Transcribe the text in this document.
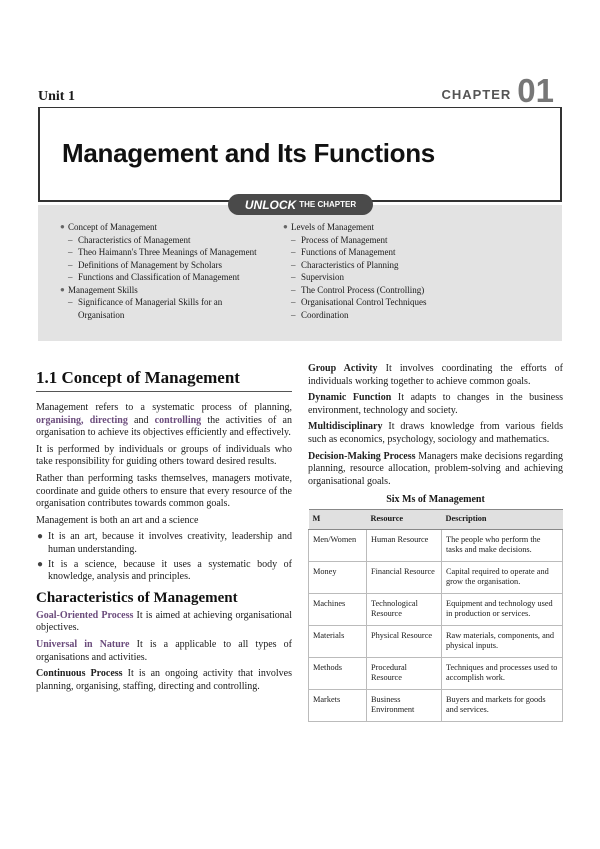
Unit 1	CHAPTER 01
Management and Its Functions
UNLOCK THE CHAPTER
● Concept of Management
– Characteristics of Management
– Theo Haimann's Three Meanings of Management
– Definitions of Management by Scholars
– Functions and Classification of Management
● Management Skills
– Significance of Managerial Skills for an Organisation
● Levels of Management
– Process of Management
– Functions of Management
– Characteristics of Planning
– Supervision
– The Control Process (Controlling)
– Organisational Control Techniques
– Coordination
1.1 Concept of Management

Management refers to a systematic process of planning, organising, directing and controlling the activities of an organisation to achieve its objectives efficiently and effectively.

It is performed by individuals or groups of individuals who take responsibility for guiding others toward desired results.

Rather than performing tasks themselves, managers motivate, coordinate and guide others to ensure that every resource of the organisation contributes towards common goals.

Management is both an art and a science

● It is an art, because it involves creativity, leadership and human understanding.
● It is a science, because it uses a systematic body of knowledge, analysis and principles.
Characteristics of Management

Goal-Oriented Process It is aimed at achieving organisational objectives.

Universal in Nature It is a applicable to all types of organisations and activities.

Continuous Process It is an ongoing activity that involves planning, organising, staffing, directing and controlling.

Group Activity It involves coordinating the efforts of individuals working together to achieve common goals.

Dynamic Function It adapts to changes in the business environment, technology and society.

Multidisciplinary It draws knowledge from various fields such as economics, psychology, sociology and mathematics.

Decision-Making Process Managers make decisions regarding planning, resource allocation, problem-solving and achieving organisational goals.

Six Ms of Management
M	Resource	Description
Men/Women	Human Resource	The people who perform the tasks and make decisions.
Money	Financial Resource	Capital required to operate and grow the organisation.
Machines	Technological Resource	Equipment and technology used in production or services.
Materials	Physical Resource	Raw materials, components, and physical inputs.
Methods	Procedural Resource	Techniques and processes used to accomplish work.
Markets	Business Environment	Buyers and markets for goods and services.
